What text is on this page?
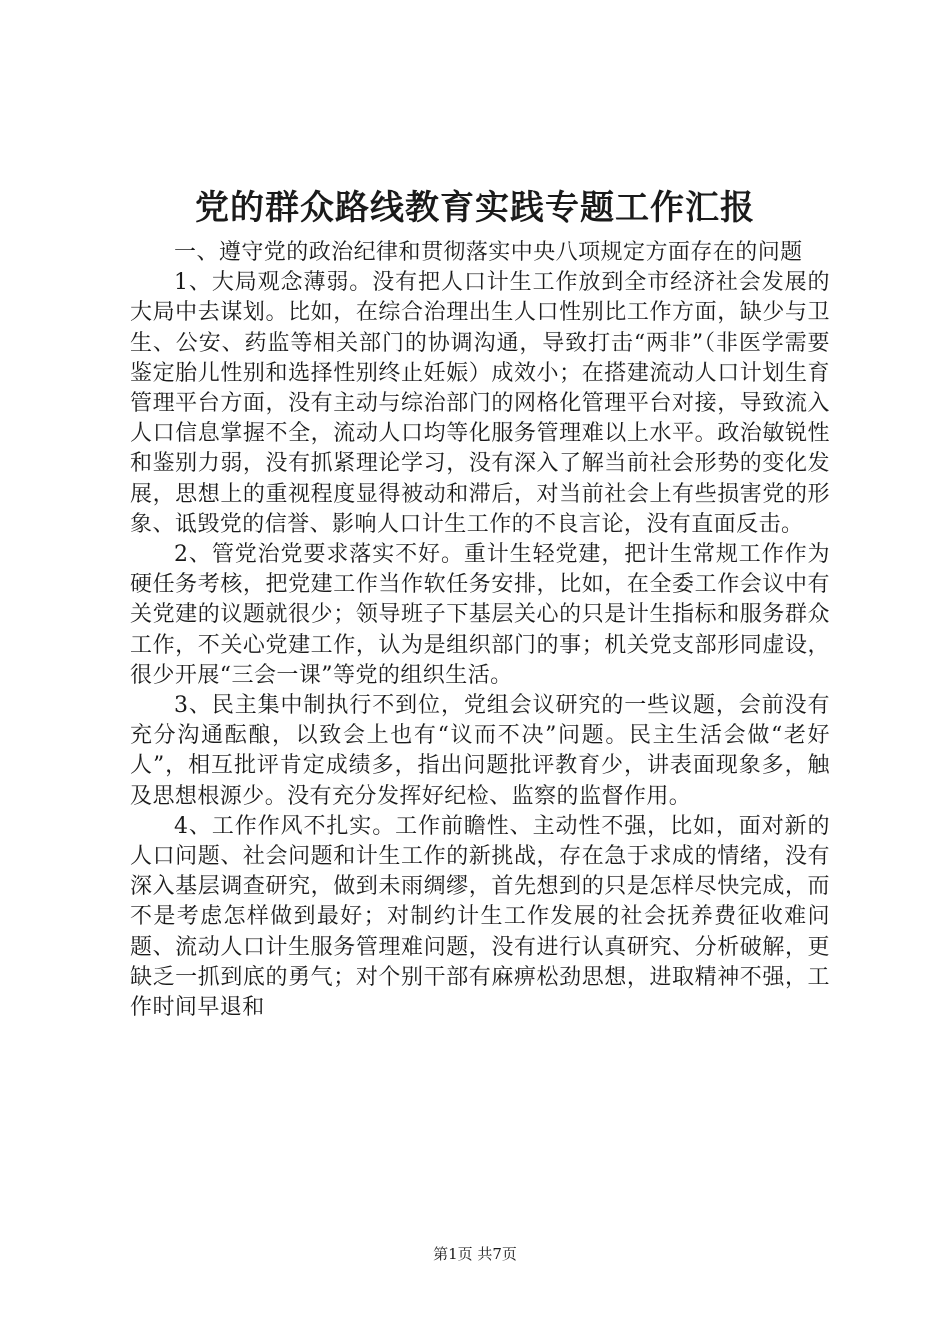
党的群众路线教育实践专题工作汇报

一、遵守党的政治纪律和贯彻落实中央八项规定方面存在的问题

1、大局观念薄弱。没有把人口计生工作放到全市经济社会发展的大局中去谋划。比如，在综合治理出生人口性别比工作方面，缺少与卫生、公安、药监等相关部门的协调沟通，导致打击“两非”（非医学需要鉴定胎儿性别和选择性别终止妊娠）成效小；在搭建流动人口计划生育管理平台方面，没有主动与综治部门的网格化管理平台对接，导致流入人口信息掌握不全，流动人口均等化服务管理难以上水平。政治敏锐性和鉴别力弱，没有抓紧理论学习，没有深入了解当前社会形势的变化发展，思想上的重视程度显得被动和滞后，对当前社会上有些损害党的形象、诋毁党的信誉、影响人口计生工作的不良言论，没有直面反击。

2、管党治党要求落实不好。重计生轻党建，把计生常规工作作为硬任务考核，把党建工作当作软任务安排，比如，在全委工作会议中有关党建的议题就很少；领导班子下基层关心的只是计生指标和服务群众工作，不关心党建工作，认为是组织部门的事；机关党支部形同虚设，很少开展“三会一课”等党的组织生活。

3、民主集中制执行不到位，党组会议研究的一些议题，会前没有充分沟通酝酿，以致会上也有“议而不决”问题。民主生活会做“老好人”，相互批评肯定成绩多，指出问题批评教育少，讲表面现象多，触及思想根源少。没有充分发挥好纪检、监察的监督作用。

4、工作作风不扎实。工作前瞻性、主动性不强，比如，面对新的人口问题、社会问题和计生工作的新挑战，存在急于求成的情绪，没有深入基层调查研究，做到未雨绸缪，首先想到的只是怎样尽快完成，而不是考虑怎样做到最好；对制约计生工作发展的社会抚养费征收难问题、流动人口计生服务管理难问题，没有进行认真研究、分析破解，更缺乏一抓到底的勇气；对个别干部有麻痹松劲思想，进取精神不强，工作时间早退和

第1页 共7页
